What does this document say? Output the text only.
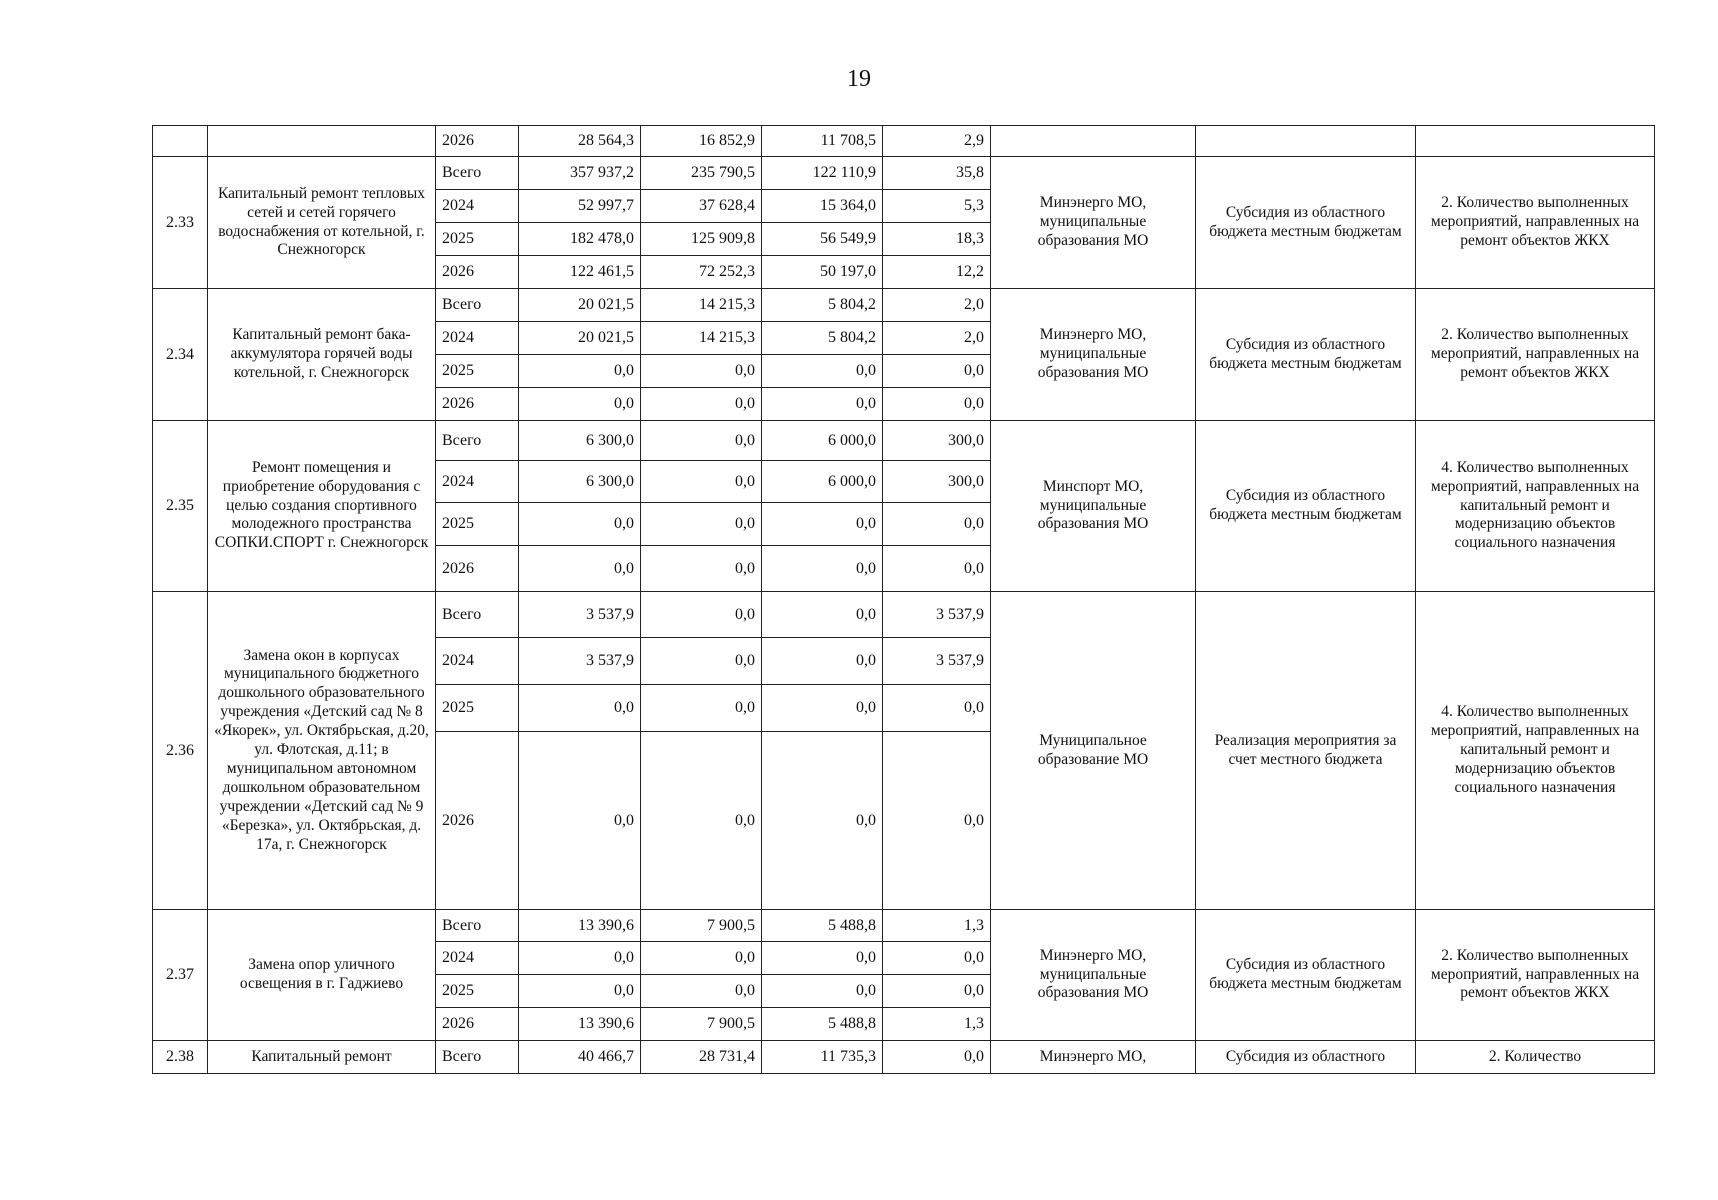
19
		2026	28 564,3	16 852,9	11 708,5	2,9			
2.33	Капитальный ремонт тепловых сетей и сетей горячего водоснабжения от котельной, г. Снежногорск	Всего	357 937,2	235 790,5	122 110,9	35,8	Минэнерго МО, муниципальные образования МО	Субсидия из областного бюджета местным бюджетам	2. Количество выполненных мероприятий, направленных на ремонт объектов ЖКХ
		2024	52 997,7	37 628,4	15 364,0	5,3			
		2025	182 478,0	125 909,8	56 549,9	18,3			
		2026	122 461,5	72 252,3	50 197,0	12,2			
2.34	Капитальный ремонт бака-аккумулятора горячей воды котельной, г. Снежногорск	Всего	20 021,5	14 215,3	5 804,2	2,0	Минэнерго МО, муниципальные образования МО	Субсидия из областного бюджета местным бюджетам	2. Количество выполненных мероприятий, направленных на ремонт объектов ЖКХ
		2024	20 021,5	14 215,3	5 804,2	2,0			
		2025	0,0	0,0	0,0	0,0			
		2026	0,0	0,0	0,0	0,0			
2.35	Ремонт помещения и приобретение оборудования с целью создания спортивного молодежного пространства СОПКИ.СПОРТ г. Снежногорск	Всего	6 300,0	0,0	6 000,0	300,0	Минспорт МО, муниципальные образования МО	Субсидия из областного бюджета местным бюджетам	4. Количество выполненных мероприятий, направленных на капитальный ремонт и модернизацию объектов социального назначения
		2024	6 300,0	0,0	6 000,0	300,0			
		2025	0,0	0,0	0,0	0,0			
		2026	0,0	0,0	0,0	0,0			
2.36	Замена окон в корпусах муниципального бюджетного дошкольного образовательного учреждения «Детский сад № 8 «Якорек», ул. Октябрьская, д.20, ул. Флотская, д.11; в муниципальном автономном дошкольном образовательном учреждении «Детский сад № 9 «Березка», ул. Октябрьская, д. 17а, г. Снежногорск	Всего	3 537,9	0,0	0,0	3 537,9	Муниципальное образование МО	Реализация мероприятия за счет местного бюджета	4. Количество выполненных мероприятий, направленных на капитальный ремонт и модернизацию объектов социального назначения
		2024	3 537,9	0,0	0,0	3 537,9			
		2025	0,0	0,0	0,0	0,0			
		2026	0,0	0,0	0,0	0,0			
2.37	Замена опор уличного освещения в г. Гаджиево	Всего	13 390,6	7 900,5	5 488,8	1,3	Минэнерго МО, муниципальные образования МО	Субсидия из областного бюджета местным бюджетам	2. Количество выполненных мероприятий, направленных на ремонт объектов ЖКХ
		2024	0,0	0,0	0,0	0,0			
		2025	0,0	0,0	0,0	0,0			
		2026	13 390,6	7 900,5	5 488,8	1,3			
2.38	Капитальный ремонт	Всего	40 466,7	28 731,4	11 735,3	0,0	Минэнерго МО,	Субсидия из областного	2. Количество
